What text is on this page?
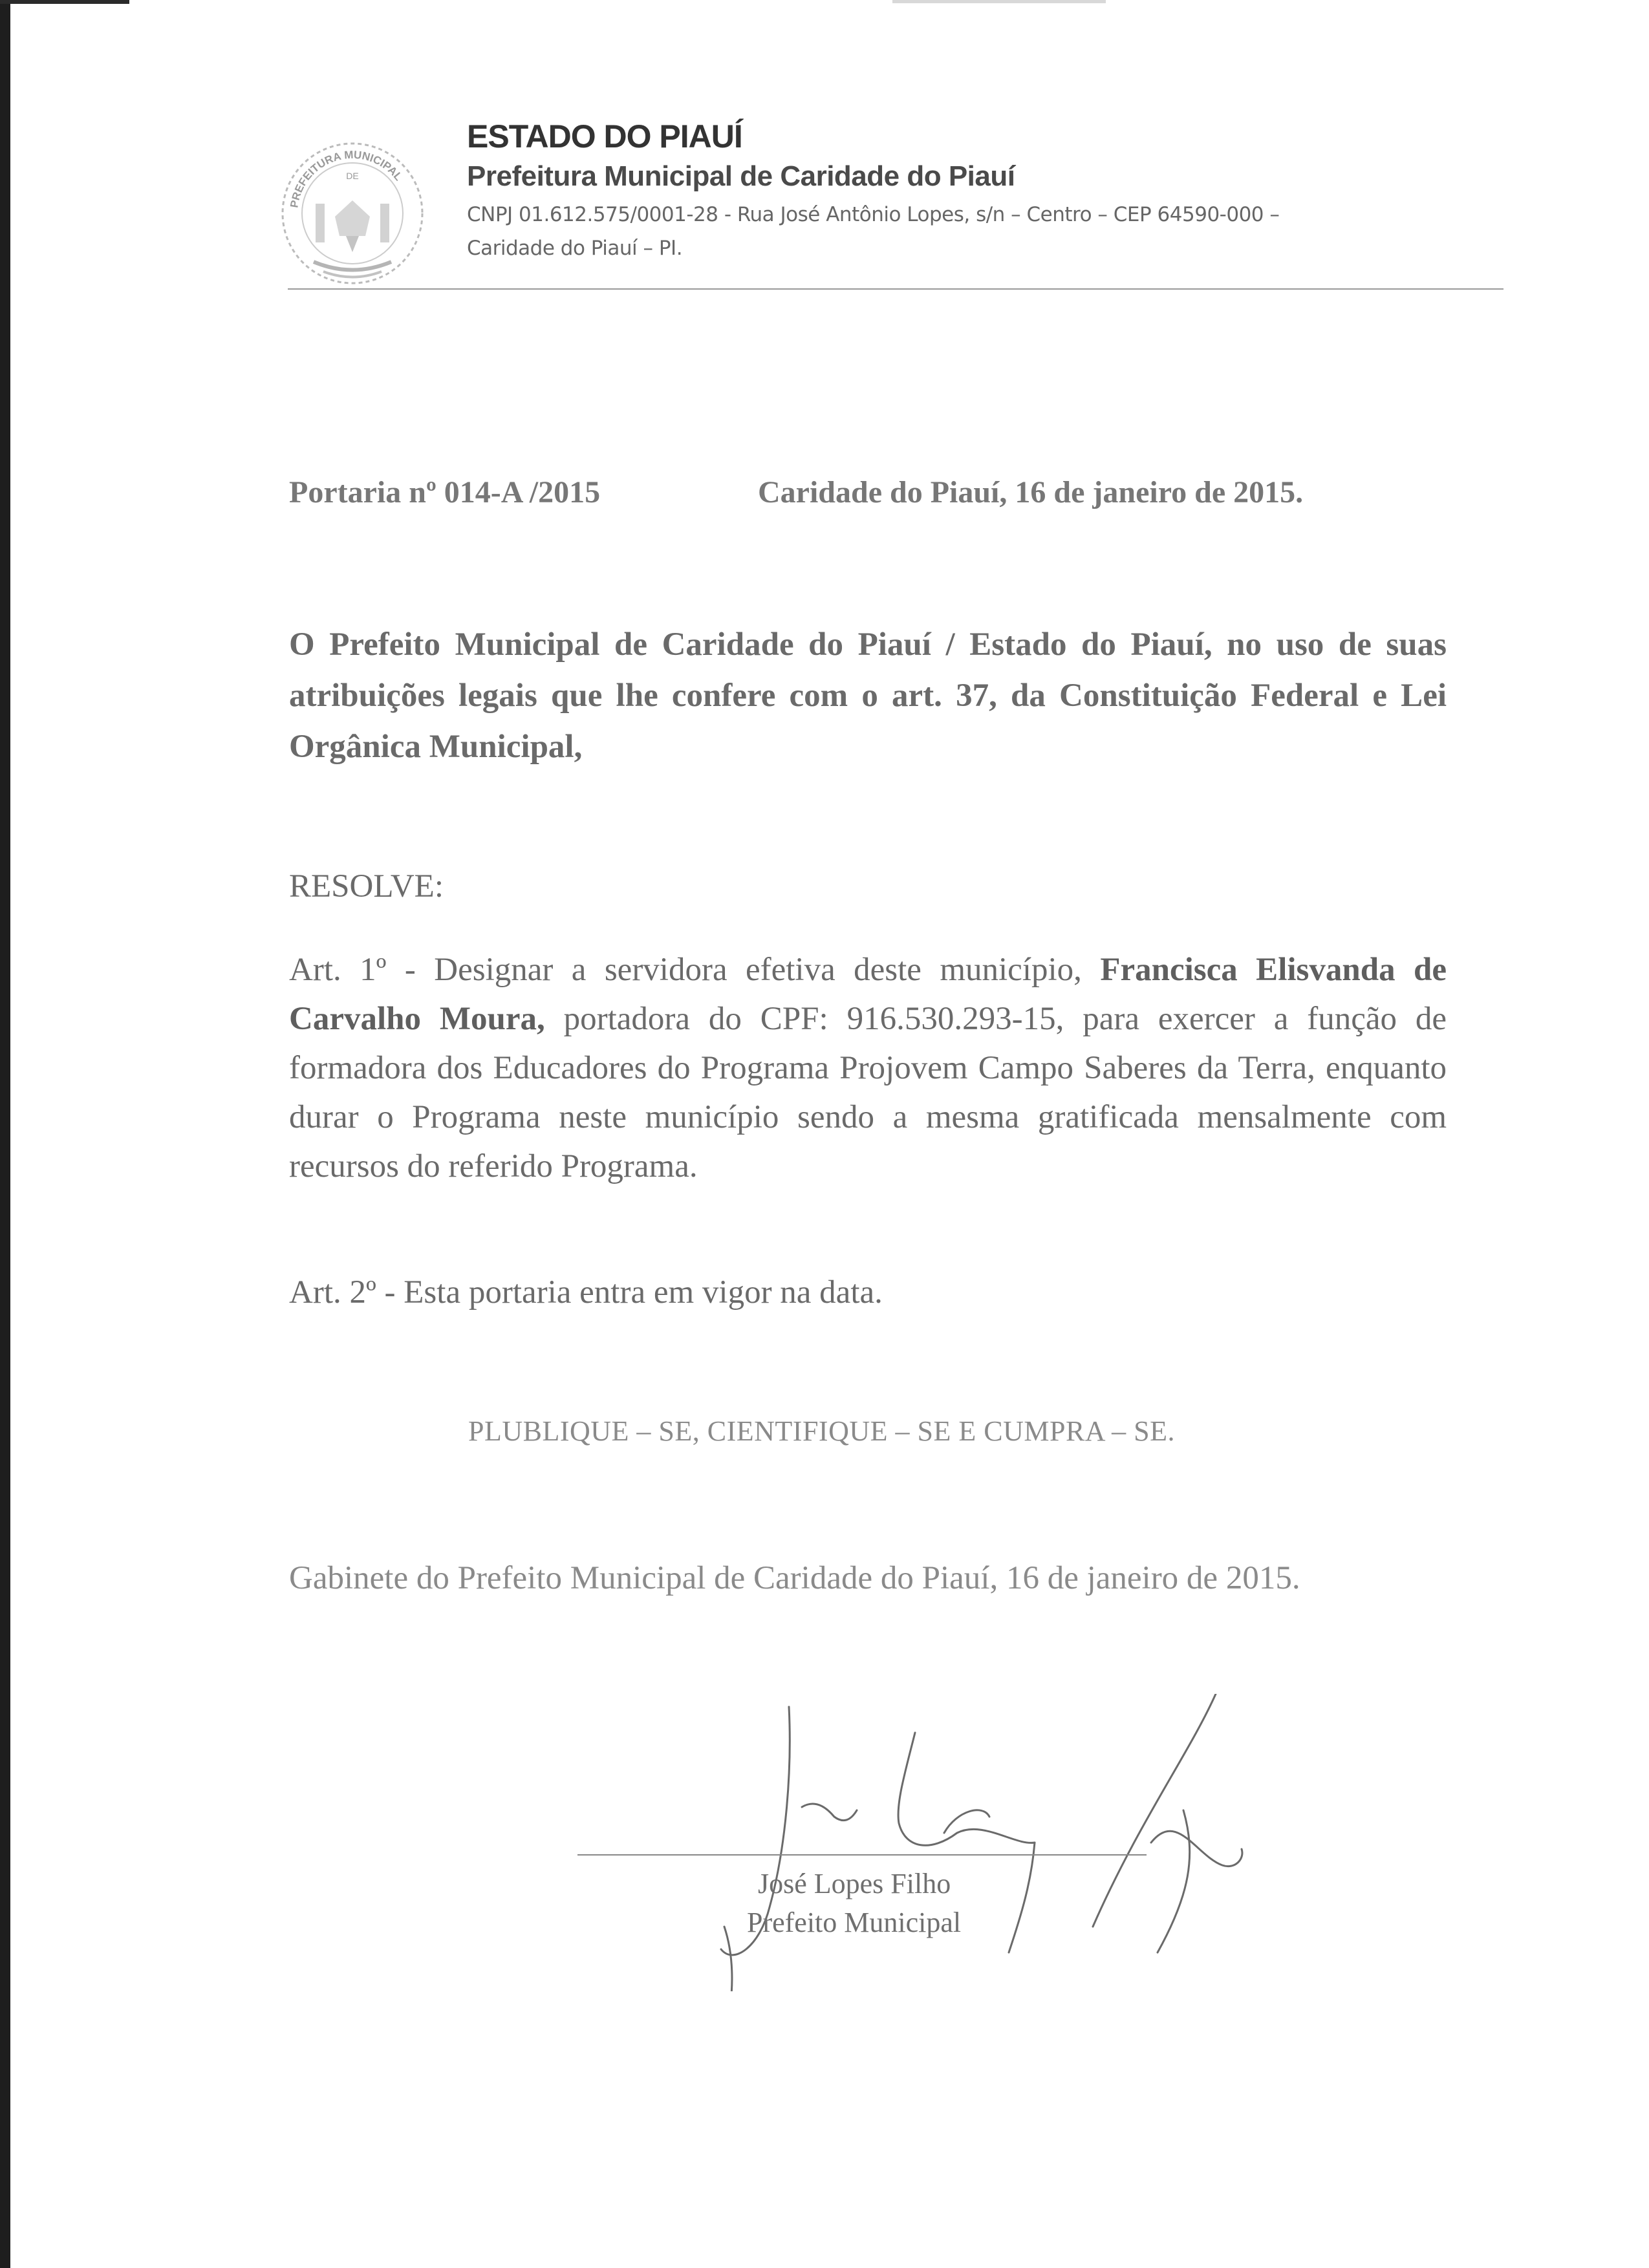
PREFEITURA MUNICIPAL
DE
ESTADO DO PIAUÍ
Prefeitura Municipal de Caridade do Piauí
CNPJ 01.612.575/0001-28 - Rua José Antônio Lopes, s/n – Centro – CEP 64590-000 –
Caridade do Piauí – PI.
Portaria nº 014-A /2015	Caridade do Piauí, 16 de janeiro de 2015.
O Prefeito Municipal de Caridade do Piauí / Estado do Piauí, no uso de suas atribuições legais que lhe confere com o art. 37, da Constituição Federal e Lei Orgânica Municipal,
RESOLVE:
Art. 1º - Designar a servidora efetiva deste município, Francisca Elisvanda de Carvalho Moura, portadora do CPF: 916.530.293-15, para exercer a função de formadora dos Educadores do Programa Projovem Campo Saberes da Terra, enquanto durar o Programa neste município sendo a mesma gratificada mensalmente com recursos do referido Programa.
Art. 2º - Esta portaria entra em vigor na data.
PLUBLIQUE – SE, CIENTIFIQUE – SE E CUMPRA – SE.
Gabinete do Prefeito Municipal de Caridade do Piauí, 16 de janeiro de 2015.
José Lopes Filho
Prefeito Municipal
